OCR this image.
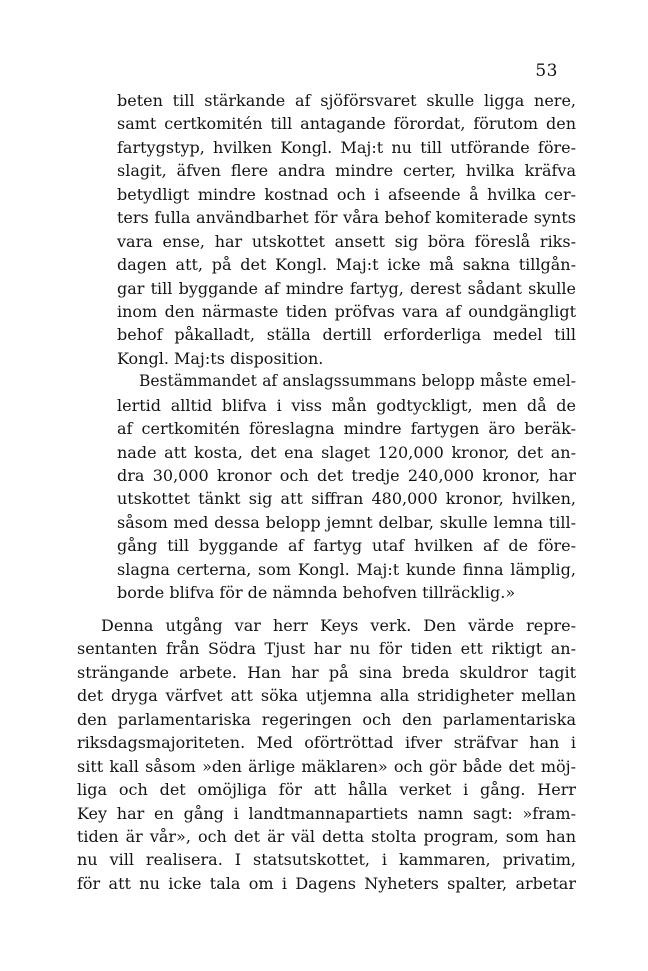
53
beten till stärkande af sjöförsvaret skulle ligga nere,
samt certkomitén till antagande förordat, förutom den
fartygstyp, hvilken Kongl. Maj:t nu till utförande före-
slagit, äfven flere andra mindre certer, hvilka kräfva
betydligt mindre kostnad och i afseende å hvilka cer-
ters fulla användbarhet för våra behof komiterade synts
vara ense, har utskottet ansett sig böra föreslå riks-
dagen att, på det Kongl. Maj:t icke må sakna tillgån-
gar till byggande af mindre fartyg, derest sådant skulle
inom den närmaste tiden pröfvas vara af oundgängligt
behof påkalladt, ställa dertill erforderliga medel till
Kongl. Maj:ts disposition.
Bestämmandet af anslagssummans belopp måste emel-
lertid alltid blifva i viss mån godtyckligt, men då de
af certkomitén föreslagna mindre fartygen äro beräk-
nade att kosta, det ena slaget 120,000 kronor, det an-
dra 30,000 kronor och det tredje 240,000 kronor, har
utskottet tänkt sig att siffran 480,000 kronor, hvilken,
såsom med dessa belopp jemnt delbar, skulle lemna till-
gång till byggande af fartyg utaf hvilken af de före-
slagna certerna, som Kongl. Maj:t kunde finna lämplig,
borde blifva för de nämnda behofven tillräcklig.»
Denna utgång var herr Keys verk. Den värde repre-
sentanten från Södra Tjust har nu för tiden ett riktigt an-
strängande arbete. Han har på sina breda skuldror tagit
det dryga värfvet att söka utjemna alla stridigheter mellan
den parlamentariska regeringen och den parlamentariska
riksdagsmajoriteten. Med oförtröttad ifver sträfvar han i
sitt kall såsom »den ärlige mäklaren» och gör både det möj-
liga och det omöjliga för att hålla verket i gång. Herr
Key har en gång i landtmannapartiets namn sagt: »fram-
tiden är vår», och det är väl detta stolta program, som han
nu vill realisera. I statsutskottet, i kammaren, privatim,
för att nu icke tala om i Dagens Nyheters spalter, arbetar
